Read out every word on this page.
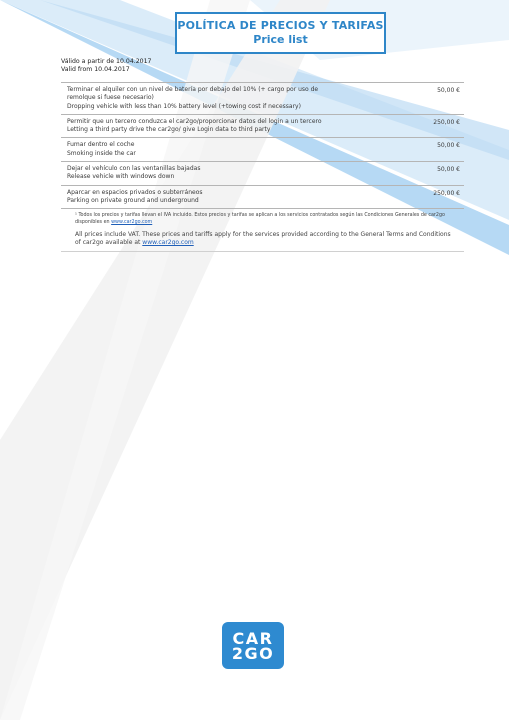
POLÍTICA DE PRECIOS Y TARIFAS
Price list
Válido a partir de 10.04.2017
Valid from 10.04.2017
Terminar el alquiler con un nivel de batería por debajo del 10% (+ cargo por uso de remolque si fuese necesario)
Dropping vehicle with less than 10% battery level (+towing cost if necessary)
50,00 €
Permitir que un tercero conduzca el car2go/proporcionar datos del login a un tercero
Letting a third party drive the car2go/ give Login data to third party
250,00 €
Fumar dentro el coche
Smoking inside the car
50,00 €
Dejar el vehículo con las ventanillas bajadas
Release vehicle with windows down
50,00 €
Aparcar en espacios privados o subterráneos
Parking on private ground and underground
250,00 €
¹ Todos los precios y tarifas llevan el IVA incluido. Estos precios y tarifas se aplican a los servicios contratados según las Condiciones Generales de car2go disponibles en www.car2go.com
All prices include VAT. These prices and tariffs apply for the services provided according to the General Terms and Conditions of car2go available at www.car2go.com
CAR
2GO
